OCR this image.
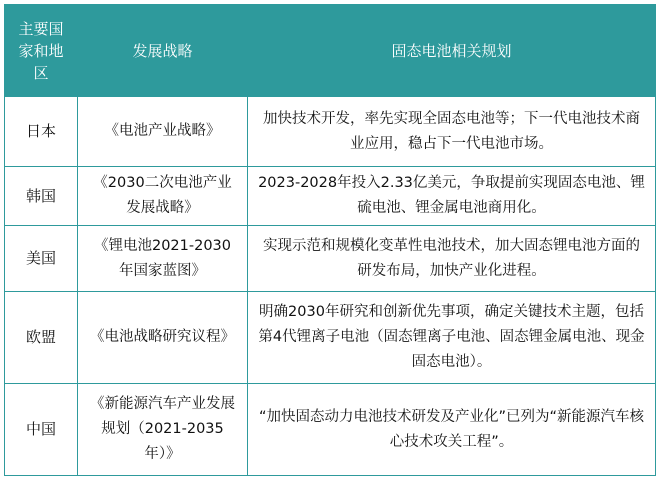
主要国家和地区	发展战略	固态电池相关规划
日本	《电池产业战略》	加快技术开发，率先实现全固态电池等；下一代电池技术商业应用，稳占下一代电池市场。
韩国	《2030二次电池产业发展战略》	2023-2028年投入2.33亿美元，争取提前实现固态电池、锂硫电池、锂金属电池商用化。
美国	《锂电池2021-2030年国家蓝图》	实现示范和规模化变革性电池技术，加大固态锂电池方面的研发布局，加快产业化进程。
欧盟	《电池战略研究议程》	明确2030年研究和创新优先事项，确定关键技术主题，包括第4代锂离子电池（固态锂离子电池、固态锂金属电池、现金固态电池）。
中国	《新能源汽车产业发展规划（2021-2035年）》	“加快固态动力电池技术研发及产业化”已列为“新能源汽车核心技术攻关工程”。
